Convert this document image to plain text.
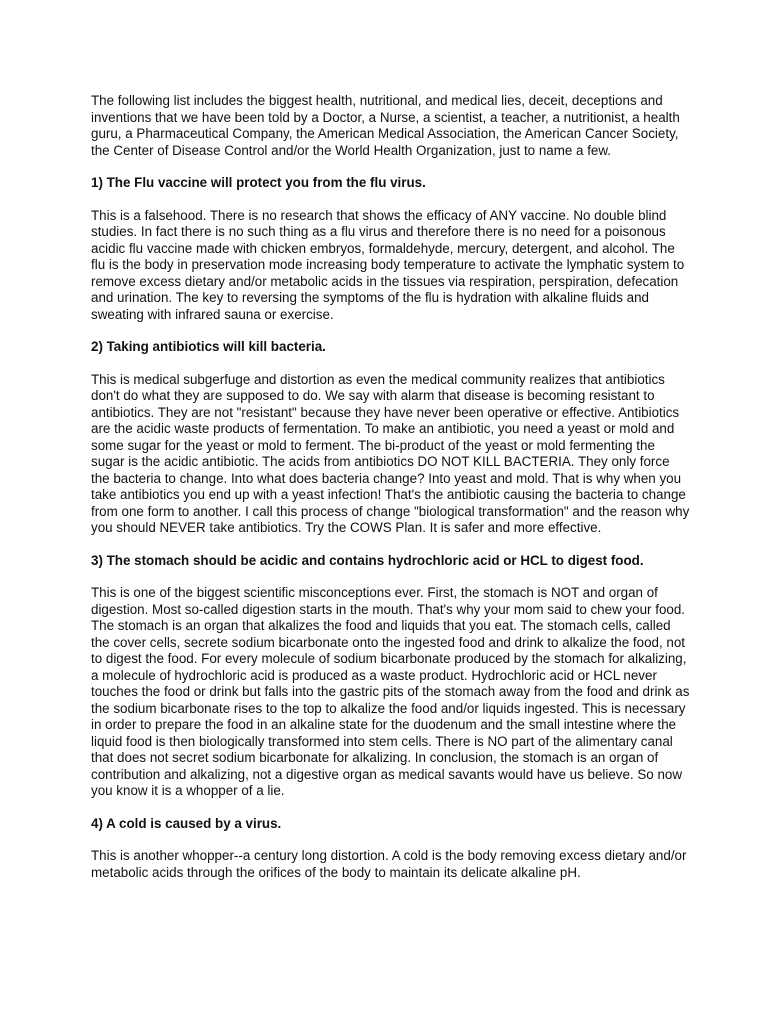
The following list includes the biggest health, nutritional, and medical lies, deceit, deceptions and inventions that we have been told by a Doctor, a Nurse, a scientist, a teacher, a nutritionist, a health guru, a Pharmaceutical Company, the American Medical Association, the American Cancer Society, the Center of Disease Control and/or the World Health Organization, just to name a few.

1) The Flu vaccine will protect you from the flu virus.

This is a falsehood. There is no research that shows the efficacy of ANY vaccine. No double blind studies. In fact there is no such thing as a flu virus and therefore there is no need for a poisonous acidic flu vaccine made with chicken embryos, formaldehyde, mercury, detergent, and alcohol. The flu is the body in preservation mode increasing body temperature to activate the lymphatic system to remove excess dietary and/or metabolic acids in the tissues via respiration, perspiration, defecation and urination. The key to reversing the symptoms of the flu is hydration with alkaline fluids and sweating with infrared sauna or exercise.

2) Taking antibiotics will kill bacteria.

This is medical subgerfuge and distortion as even the medical community realizes that antibiotics don't do what they are supposed to do. We say with alarm that disease is becoming resistant to antibiotics. They are not "resistant" because they have never been operative or effective. Antibiotics are the acidic waste products of fermentation. To make an antibiotic, you need a yeast or mold and some sugar for the yeast or mold to ferment. The bi-product of the yeast or mold fermenting the sugar is the acidic antibiotic. The acids from antibiotics DO NOT KILL BACTERIA. They only force the bacteria to change. Into what does bacteria change? Into yeast and mold. That is why when you take antibiotics you end up with a yeast infection! That's the antibiotic causing the bacteria to change from one form to another. I call this process of change "biological transformation" and the reason why you should NEVER take antibiotics. Try the COWS Plan. It is safer and more effective.

3) The stomach should be acidic and contains hydrochloric acid or HCL to digest food.

This is one of the biggest scientific misconceptions ever. First, the stomach is NOT and organ of digestion. Most so-called digestion starts in the mouth. That's why your mom said to chew your food. The stomach is an organ that alkalizes the food and liquids that you eat. The stomach cells, called the cover cells, secrete sodium bicarbonate onto the ingested food and drink to alkalize the food, not to digest the food. For every molecule of sodium bicarbonate produced by the stomach for alkalizing, a molecule of hydrochloric acid is produced as a waste product. Hydrochloric acid or HCL never touches the food or drink but falls into the gastric pits of the stomach away from the food and drink as the sodium bicarbonate rises to the top to alkalize the food and/or liquids ingested. This is necessary in order to prepare the food in an alkaline state for the duodenum and the small intestine where the liquid food is then biologically transformed into stem cells. There is NO part of the alimentary canal that does not secret sodium bicarbonate for alkalizing. In conclusion, the stomach is an organ of contribution and alkalizing, not a digestive organ as medical savants would have us believe. So now you know it is a whopper of a lie.

4) A cold is caused by a virus.

This is another whopper--a century long distortion. A cold is the body removing excess dietary and/or metabolic acids through the orifices of the body to maintain its delicate alkaline pH.
